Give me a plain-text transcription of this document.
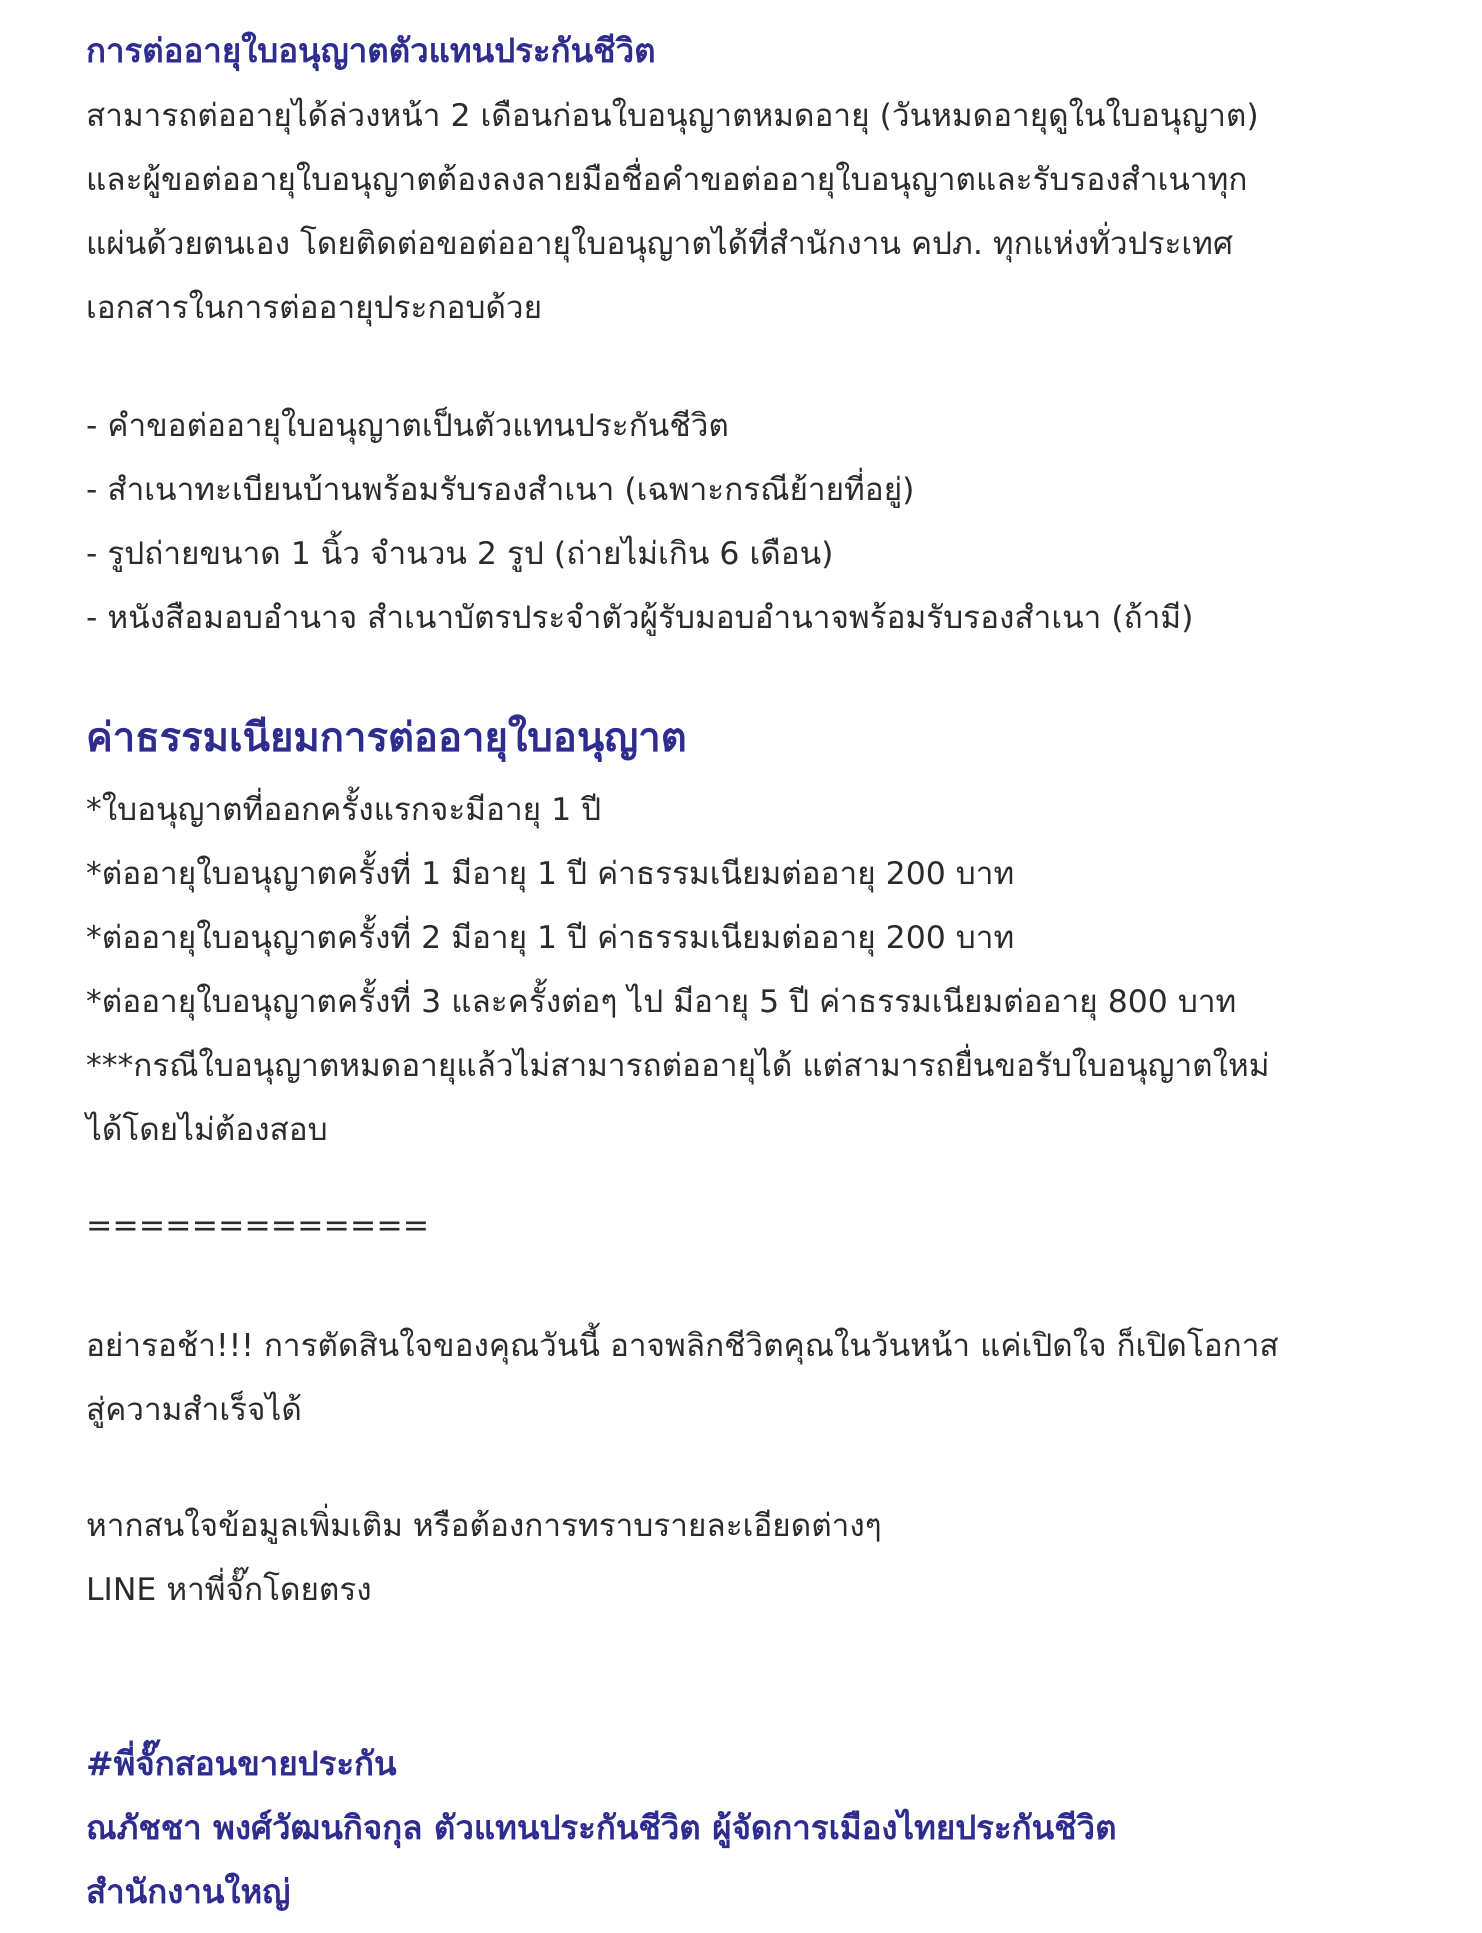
การต่ออายุใบอนุญาตตัวแทนประกันชีวิต

สามารถต่ออายุได้ล่วงหน้า 2 เดือนก่อนใบอนุญาตหมดอายุ (วันหมดอายุดูในใบอนุญาต)
และผู้ขอต่ออายุใบอนุญาตต้องลงลายมือชื่อคำขอต่ออายุใบอนุญาตและรับรองสำเนาทุก
แผ่นด้วยตนเอง โดยติดต่อขอต่ออายุใบอนุญาตได้ที่สำนักงาน คปภ. ทุกแห่งทั่วประเทศ
เอกสารในการต่ออายุประกอบด้วย

- คำขอต่ออายุใบอนุญาตเป็นตัวแทนประกันชีวิต
- สำเนาทะเบียนบ้านพร้อมรับรองสำเนา (เฉพาะกรณีย้ายที่อยู่)
- รูปถ่ายขนาด 1 นิ้ว จำนวน 2 รูป (ถ่ายไม่เกิน 6 เดือน)
- หนังสือมอบอำนาจ สำเนาบัตรประจำตัวผู้รับมอบอำนาจพร้อมรับรองสำเนา (ถ้ามี)
ค่าธรรมเนียมการต่ออายุใบอนุญาต
*ใบอนุญาตที่ออกครั้งแรกจะมีอายุ 1 ปี
*ต่ออายุใบอนุญาตครั้งที่ 1 มีอายุ 1 ปี ค่าธรรมเนียมต่ออายุ 200 บาท
*ต่ออายุใบอนุญาตครั้งที่ 2 มีอายุ 1 ปี ค่าธรรมเนียมต่ออายุ 200 บาท
*ต่ออายุใบอนุญาตครั้งที่ 3 และครั้งต่อๆ ไป มีอายุ 5 ปี ค่าธรรมเนียมต่ออายุ 800 บาท
***กรณีใบอนุญาตหมดอายุแล้วไม่สามารถต่ออายุได้ แต่สามารถยื่นขอรับใบอนุญาตใหม่
ได้โดยไม่ต้องสอบ

=============

อย่ารอช้า!!! การตัดสินใจของคุณวันนี้ อาจพลิกชีวิตคุณในวันหน้า แค่เปิดใจ ก็เปิดโอกาส
สู่ความสำเร็จได้

หากสนใจข้อมูลเพิ่มเติม หรือต้องการทราบรายละเอียดต่างๆ
LINE หาพี่จั๊กโดยตรง

#พี่จั๊กสอนขายประกัน
ณภัชชา พงศ์วัฒนกิจกุล ตัวแทนประกันชีวิต ผู้จัดการเมืองไทยประกันชีวิต
สำนักงานใหญ่
